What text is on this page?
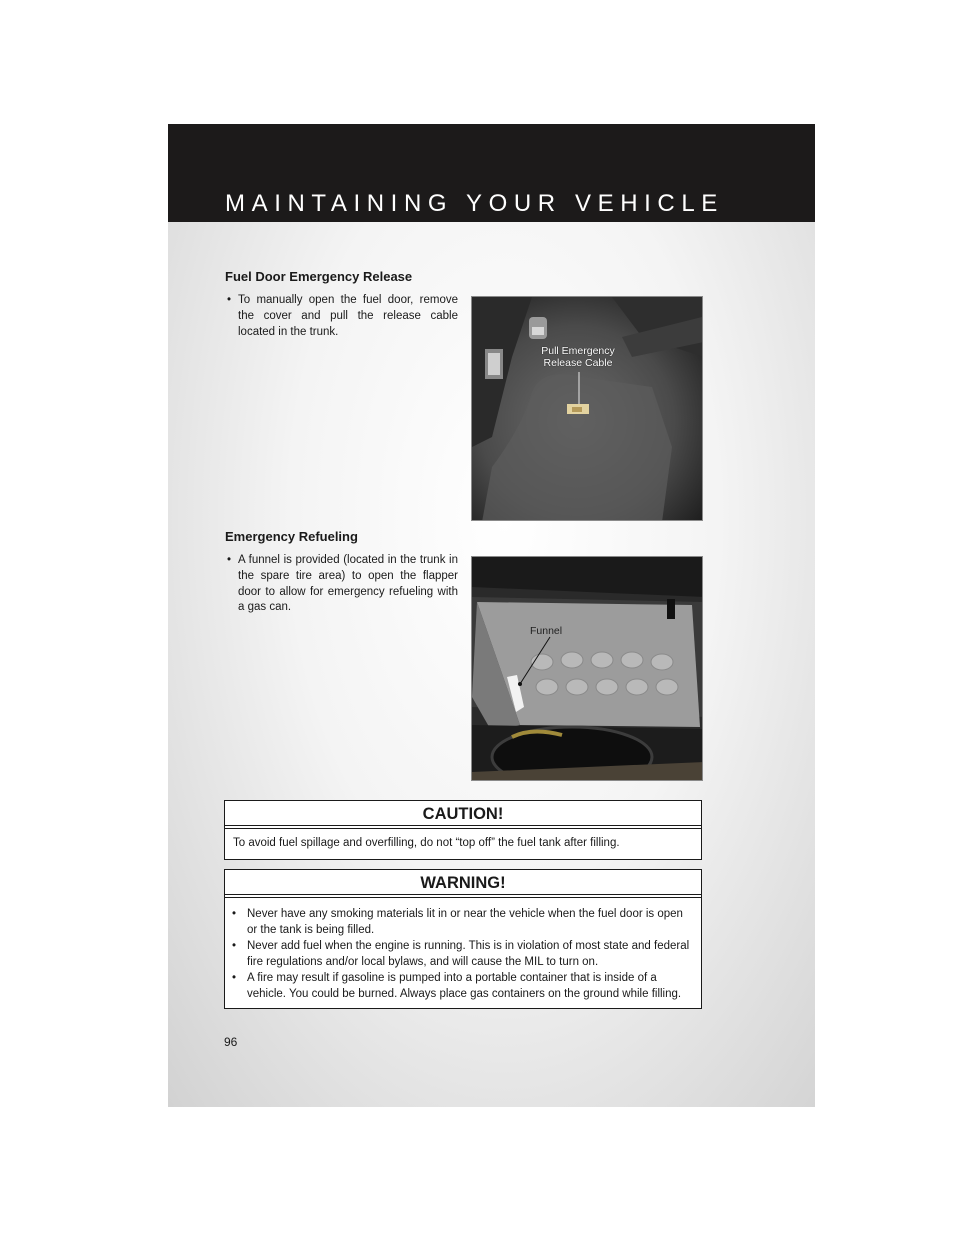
MAINTAINING YOUR VEHICLE
Fuel Door Emergency Release
• To manually open the fuel door, remove the cover and pull the release cable located in the trunk.
Pull Emergency
Release Cable
Emergency Refueling
• A funnel is provided (located in the trunk in the spare tire area) to open the flapper door to allow for emergency refueling with a gas can.
Funnel
CAUTION!
To avoid fuel spillage and overfilling, do not “top off” the fuel tank after filling.
WARNING!
• Never have any smoking materials lit in or near the vehicle when the fuel door is open or the tank is being filled.
• Never add fuel when the engine is running. This is in violation of most state and federal fire regulations and/or local bylaws, and will cause the MIL to turn on.
• A fire may result if gasoline is pumped into a portable container that is inside of a vehicle. You could be burned. Always place gas containers on the ground while filling.
96
